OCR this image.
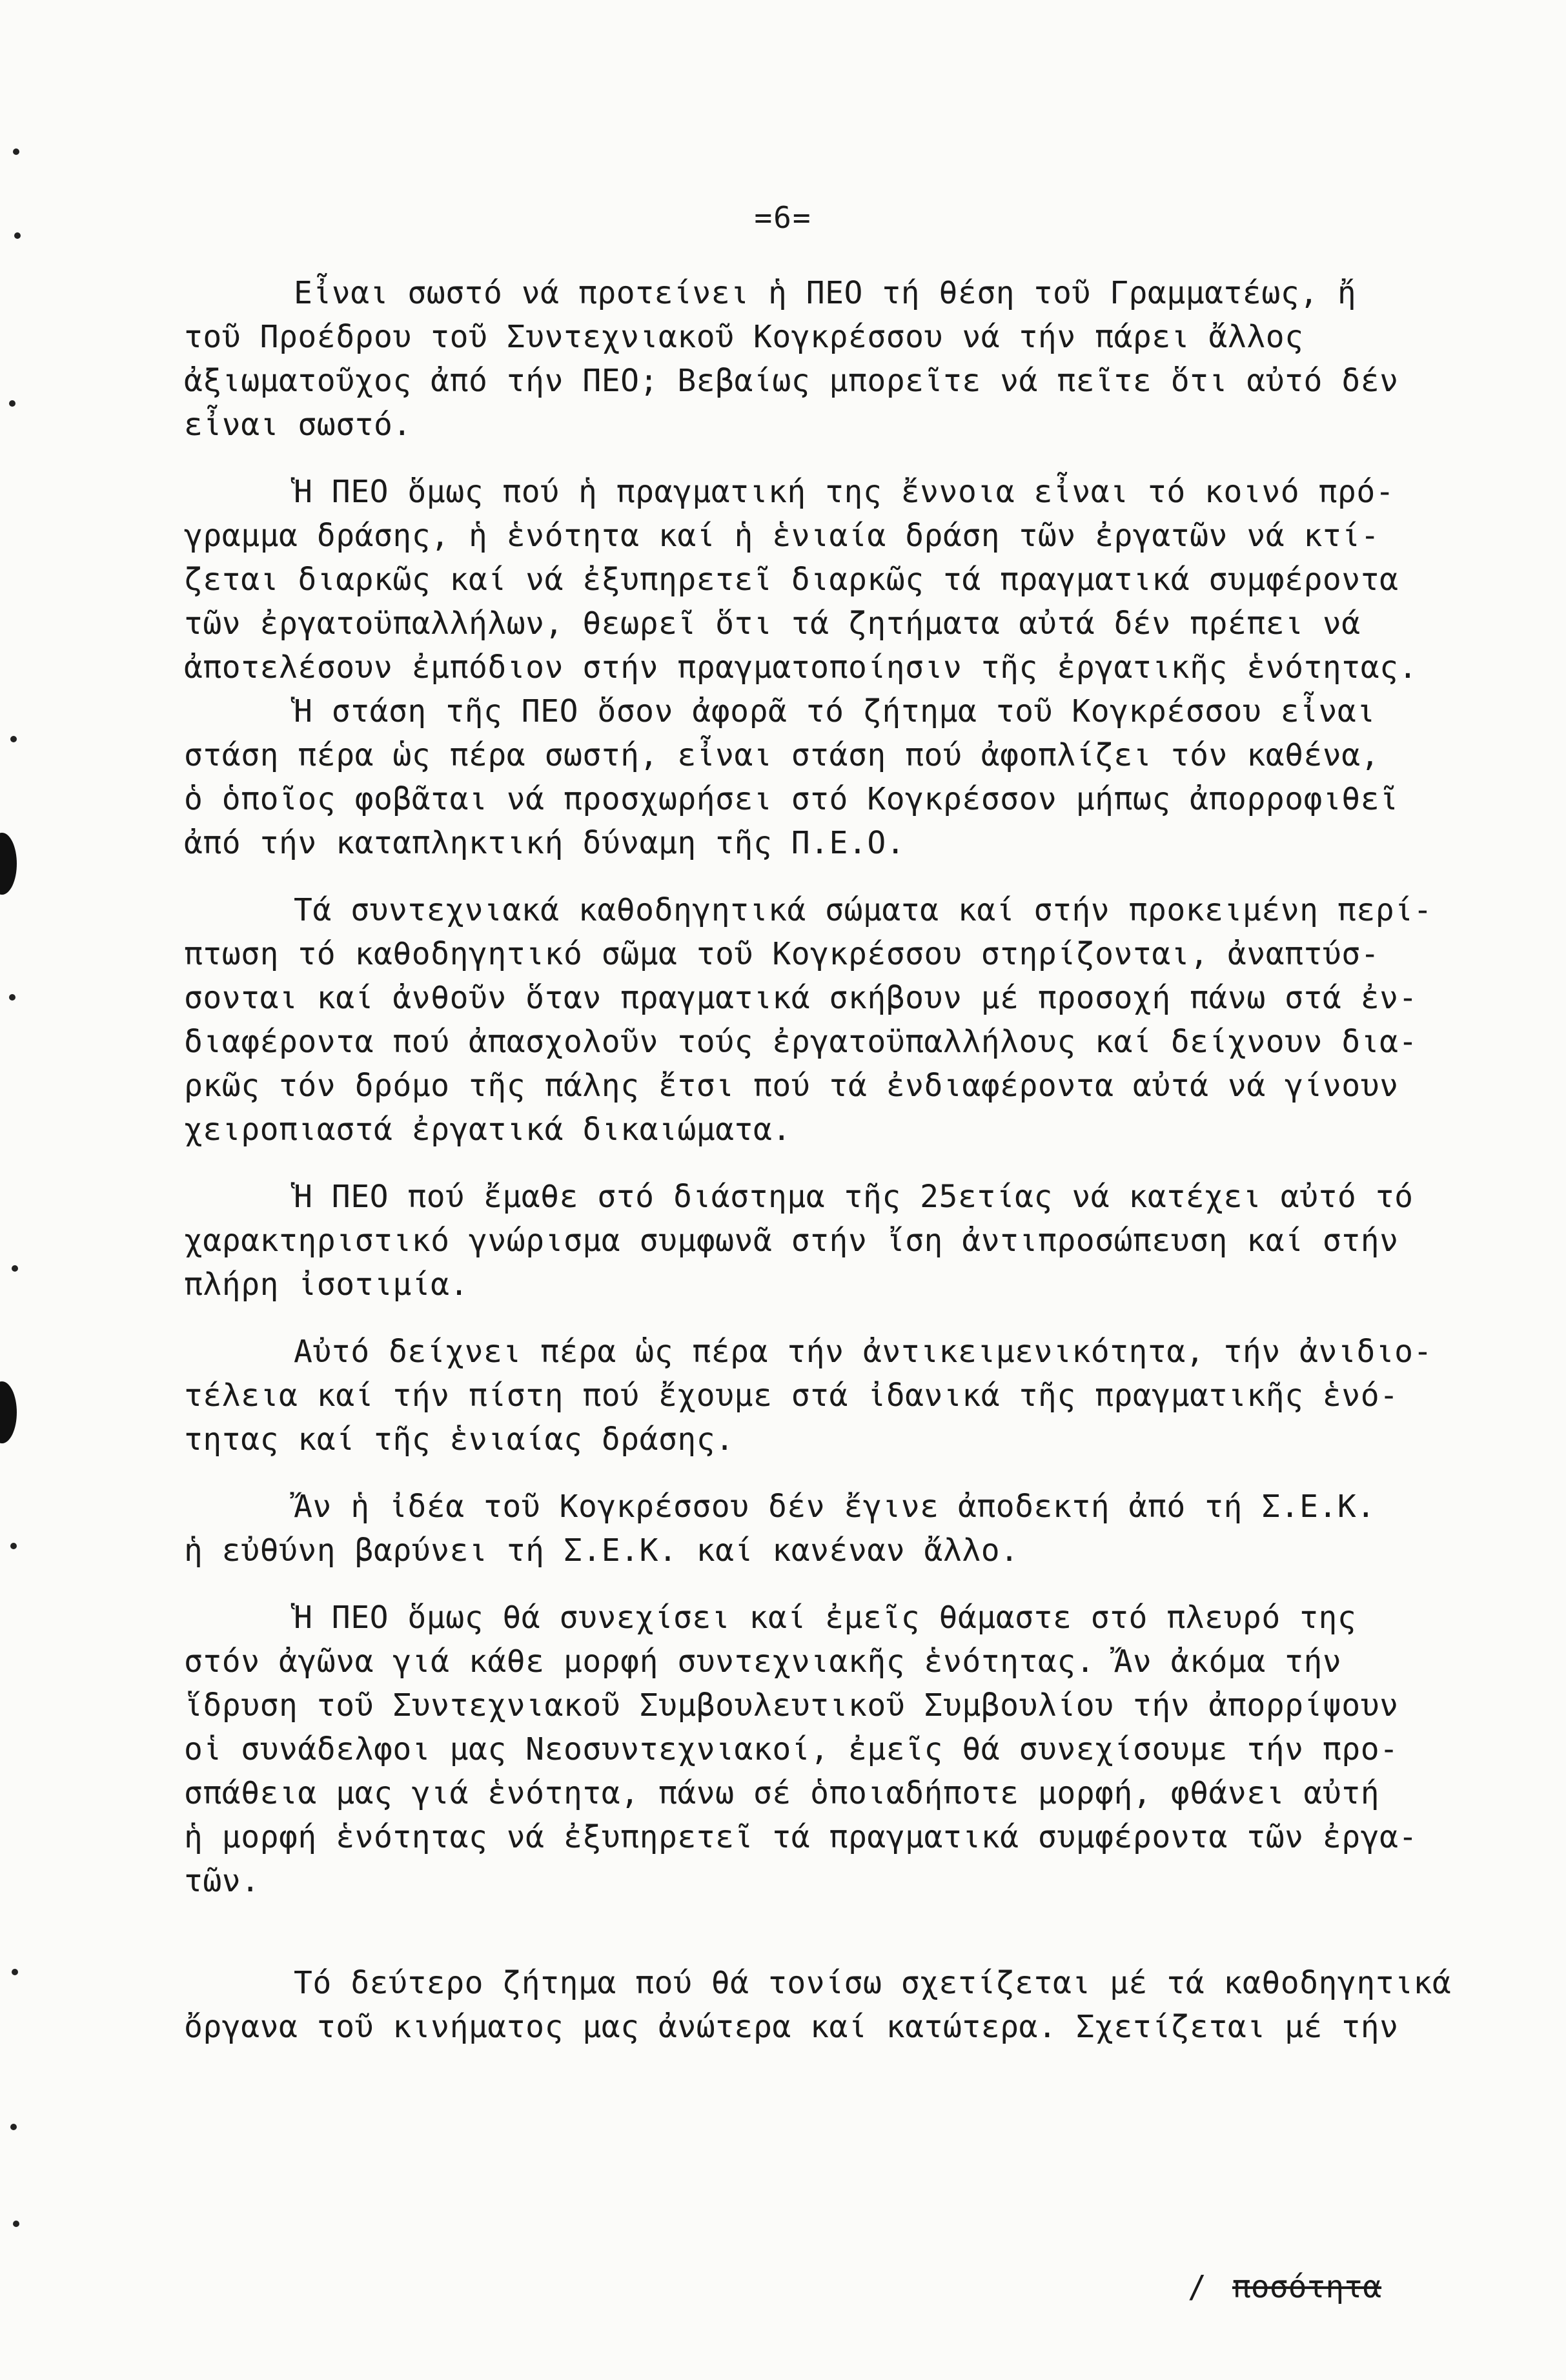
=6=
Εἶναι σωστό νά προτείνει ἡ ΠΕΟ τή θέση τοῦ Γραμματέως, ἤ
τοῦ Προέδρου τοῦ Συντεχνιακοῦ Κογκρέσσου νά τήν πάρει ἄλλος
ἀξιωματοῦχος ἀπό τήν ΠΕΟ; Βεβαίως μπορεῖτε νά πεῖτε ὅτι αὐτό δέν
εἶναι σωστό.
Ἡ ΠΕΟ ὅμως πού ἡ πραγματική της ἔννοια εἶναι τό κοινό πρό-
γραμμα δράσης, ἡ ἑνότητα καί ἡ ἑνιαία δράση τῶν ἐργατῶν νά κτί-
ζεται διαρκῶς καί νά ἐξυπηρετεῖ διαρκῶς τά πραγματικά συμφέροντα
τῶν ἐργατοϋπαλλήλων, θεωρεῖ ὅτι τά ζητήματα αὐτά δέν πρέπει νά
ἀποτελέσουν ἐμπόδιον στήν πραγματοποίησιν τῆς ἐργατικῆς ἑνότητας.
Ἡ στάση τῆς ΠΕΟ ὅσον ἀφορᾶ τό ζήτημα τοῦ Κογκρέσσου εἶναι
στάση πέρα ὡς πέρα σωστή, εἶναι στάση πού ἀφοπλίζει τόν καθένα,
ὁ ὁποῖος φοβᾶται νά προσχωρήσει στό Κογκρέσσον μήπως ἀπορροφιθεῖ
ἀπό τήν καταπληκτική δύναμη τῆς Π.Ε.Ο.
Τά συντεχνιακά καθοδηγητικά σώματα καί στήν προκειμένη περί-
πτωση τό καθοδηγητικό σῶμα τοῦ Κογκρέσσου στηρίζονται, ἀναπτύσ-
σονται καί ἀνθοῦν ὅταν πραγματικά σκήβουν μέ προσοχή πάνω στά ἐν-
διαφέροντα πού ἀπασχολοῦν τούς ἐργατοϋπαλλήλους καί δείχνουν δια-
ρκῶς τόν δρόμο τῆς πάλης ἔτσι πού τά ἐνδιαφέροντα αὐτά νά γίνουν
χειροπιαστά ἐργατικά δικαιώματα.
Ἡ ΠΕΟ πού ἔμαθε στό διάστημα τῆς 25ετίας νά κατέχει αὐτό τό
χαρακτηριστικό γνώρισμα συμφωνᾶ στήν ἴση ἀντιπροσώπευση καί στήν
πλήρη ἰσοτιμία.
Αὐτό δείχνει πέρα ὡς πέρα τήν ἀντικειμενικότητα, τήν ἀνιδιο-
τέλεια καί τήν πίστη πού ἔχουμε στά ἰδανικά τῆς πραγματικῆς ἑνό-
τητας καί τῆς ἑνιαίας δράσης.
Ἄν ἡ ἰδέα τοῦ Κογκρέσσου δέν ἔγινε ἀποδεκτή ἀπό τή Σ.Ε.Κ.
ἡ εὐθύνη βαρύνει τή Σ.Ε.Κ. καί κανέναν ἄλλο.
Ἡ ΠΕΟ ὅμως θά συνεχίσει καί ἐμεῖς θάμαστε στό πλευρό της
στόν ἀγῶνα γιά κάθε μορφή συντεχνιακῆς ἑνότητας. Ἄν ἀκόμα τήν
ἵδρυση τοῦ Συντεχνιακοῦ Συμβουλευτικοῦ Συμβουλίου τήν ἀπορρίψουν
οἱ συνάδελφοι μας Νεοσυντεχνιακοί, ἐμεῖς θά συνεχίσουμε τήν προ-
σπάθεια μας γιά ἑνότητα, πάνω σέ ὁποιαδήποτε μορφή, φθάνει αὐτή
ἡ μορφή ἑνότητας νά ἐξυπηρετεῖ τά πραγματικά συμφέροντα τῶν ἐργα-
τῶν.
Τό δεύτερο ζήτημα πού θά τονίσω σχετίζεται μέ τά καθοδηγητικά
ὄργανα τοῦ κινήματος μας ἀνώτερα καί κατώτερα. Σχετίζεται μέ τήν
/ ποσότητα
